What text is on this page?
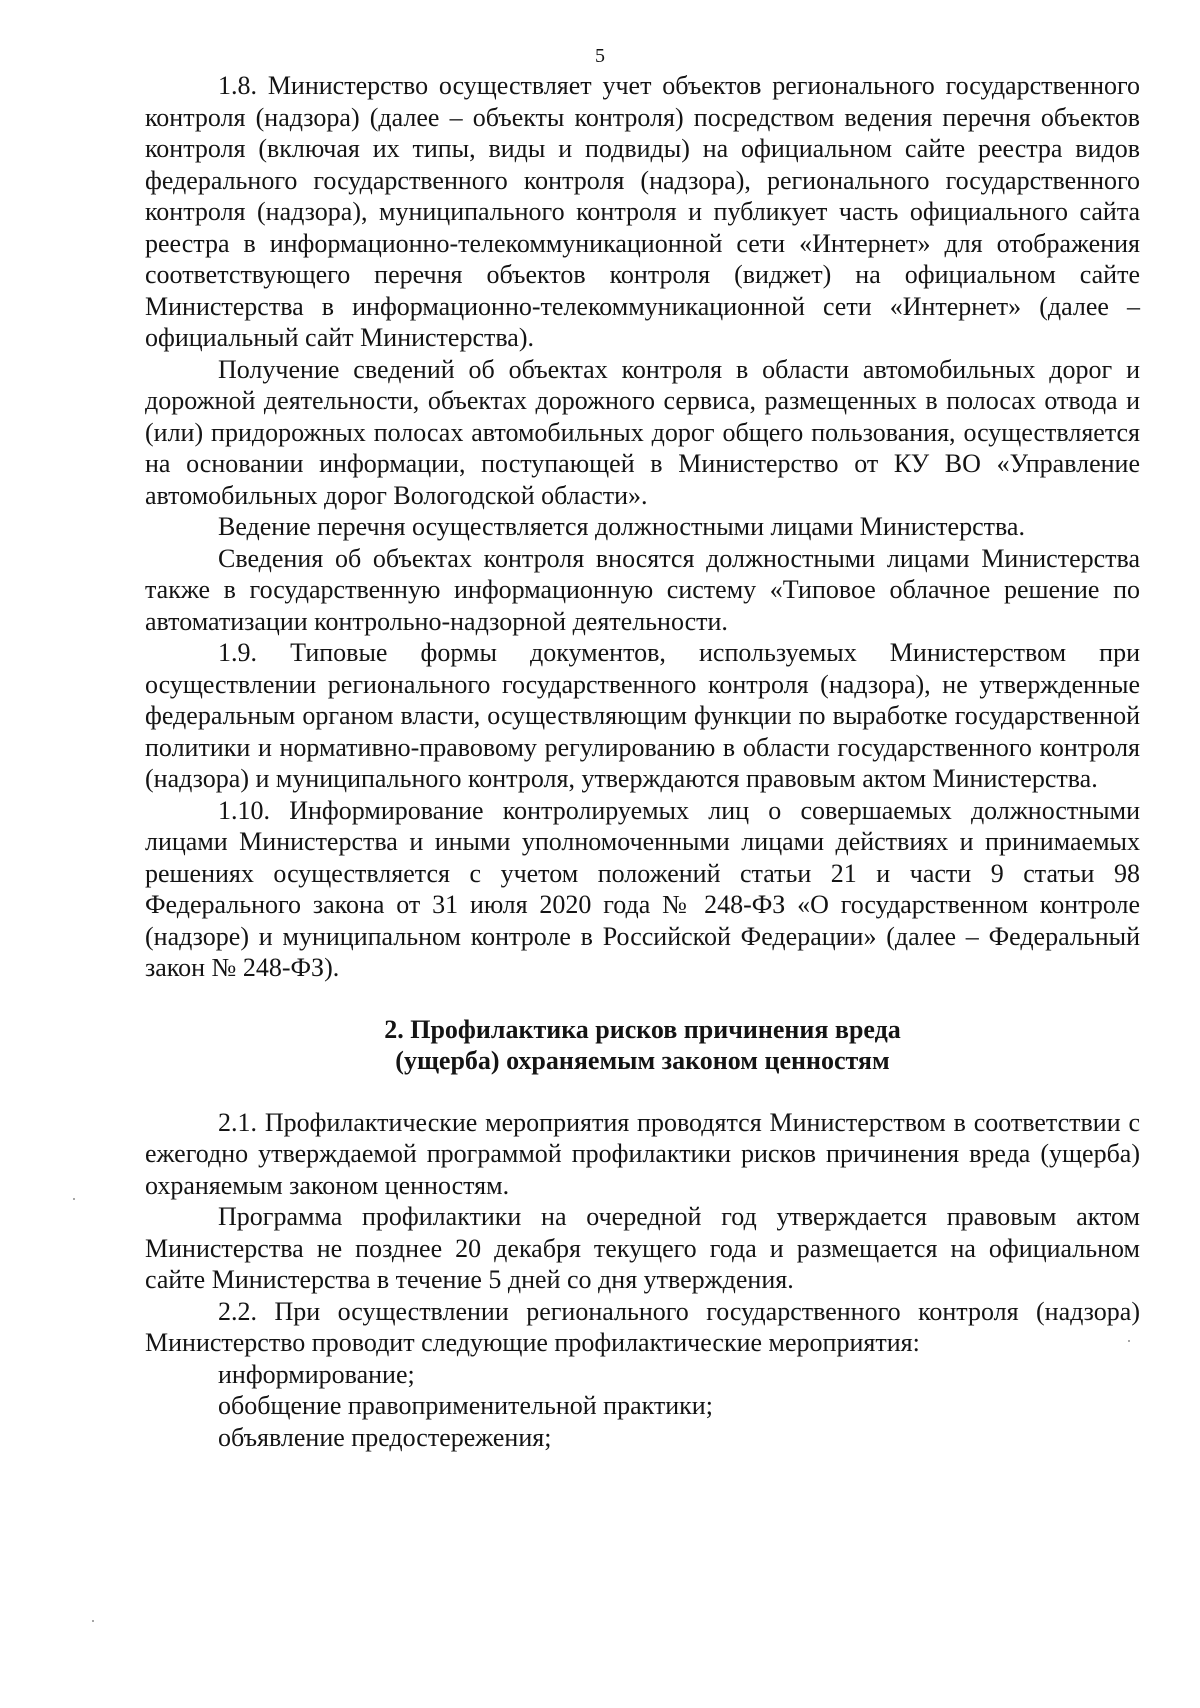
5

1.8. Министерство осуществляет учет объектов регионального государственного контроля (надзора) (далее – объекты контроля) посредством ведения перечня объектов контроля (включая их типы, виды и подвиды) на официальном сайте реестра видов федерального государственного контроля (надзора), регионального государственного контроля (надзора), муниципального контроля и публикует часть официального сайта реестра в информационно-телекоммуникационной сети «Интернет» для отображения соответствующего перечня объектов контроля (виджет) на официальном сайте Министерства в информационно-телекоммуникационной сети «Интернет» (далее – официальный сайт Министерства).

Получение сведений об объектах контроля в области автомобильных дорог и дорожной деятельности, объектах дорожного сервиса, размещенных в полосах отвода и (или) придорожных полосах автомобильных дорог общего пользования, осуществляется на основании информации, поступающей в Министерство от КУ ВО «Управление автомобильных дорог Вологодской области».

Ведение перечня осуществляется должностными лицами Министерства.

Сведения об объектах контроля вносятся должностными лицами Министерства также в государственную информационную систему «Типовое облачное решение по автоматизации контрольно-надзорной деятельности.

1.9. Типовые формы документов, используемых Министерством при осуществлении регионального государственного контроля (надзора), не утвержденные федеральным органом власти, осуществляющим функции по выработке государственной политики и нормативно-правовому регулированию в области государственного контроля (надзора) и муниципального контроля, утверждаются правовым актом Министерства.

1.10. Информирование контролируемых лиц о совершаемых должностными лицами Министерства и иными уполномоченными лицами действиях и принимаемых решениях осуществляется с учетом положений статьи 21 и части 9 статьи 98 Федерального закона от 31 июля 2020 года № 248-ФЗ «О государственном контроле (надзоре) и муниципальном контроле в Российской Федерации» (далее – Федеральный закон № 248-ФЗ).

2. Профилактика рисков причинения вреда
(ущерба) охраняемым законом ценностям

2.1. Профилактические мероприятия проводятся Министерством в соответствии с ежегодно утверждаемой программой профилактики рисков причинения вреда (ущерба) охраняемым законом ценностям.

Программа профилактики на очередной год утверждается правовым актом Министерства не позднее 20 декабря текущего года и размещается на официальном сайте Министерства в течение 5 дней со дня утверждения.

2.2. При осуществлении регионального государственного контроля (надзора) Министерство проводит следующие профилактические мероприятия:

информирование;

обобщение правоприменительной практики;

объявление предостережения;
